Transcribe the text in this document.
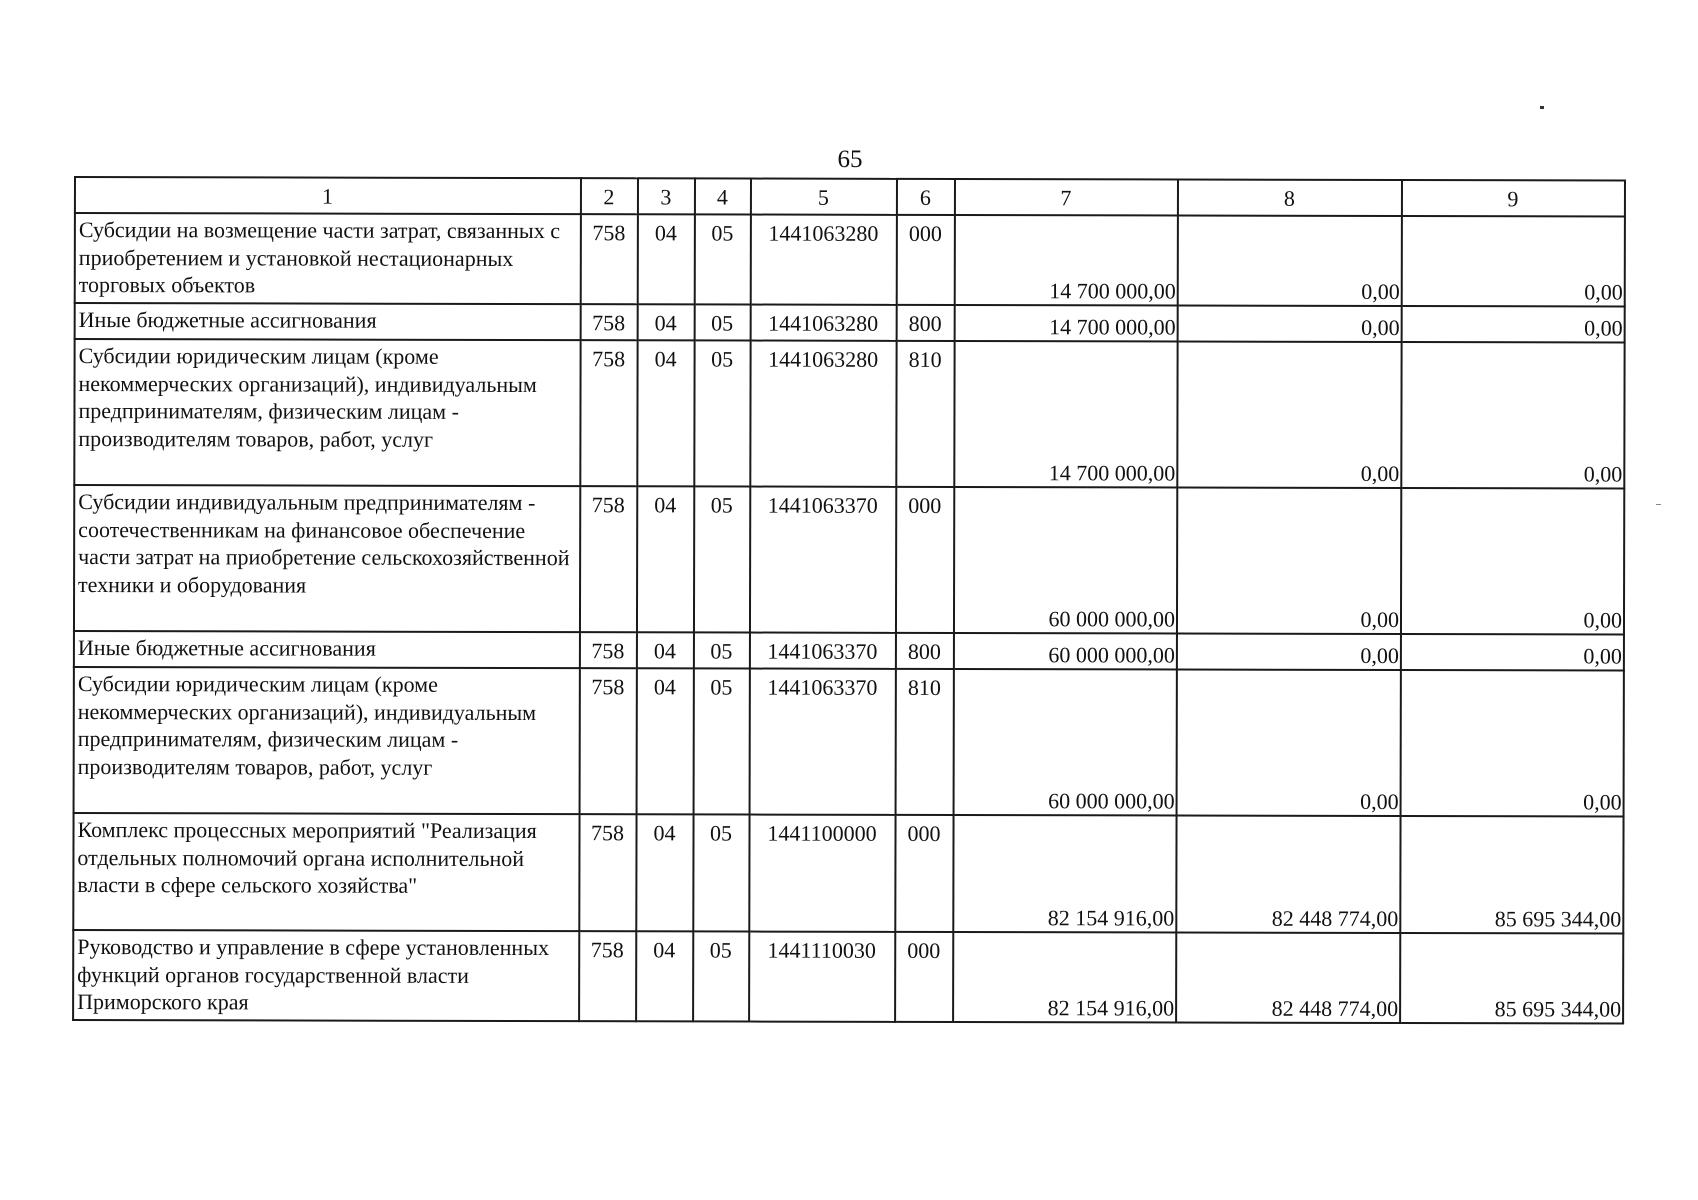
65
1	2	3	4	5	6	7	8	9
Субсидии на возмещение части затрат, связанных с приобретением и установкой нестационарных торговых объектов	758	04	05	1441063280	000	14 700 000,00	0,00	0,00
Иные бюджетные ассигнования	758	04	05	1441063280	800	14 700 000,00	0,00	0,00
Субсидии юридическим лицам (кроме некоммерческих организаций), индивидуальным предпринимателям, физическим лицам - производителям товаров, работ, услуг	758	04	05	1441063280	810	14 700 000,00	0,00	0,00
Субсидии индивидуальным предпринимателям - соотечественникам на финансовое обеспечение части затрат на приобретение сельскохозяйственной техники и оборудования	758	04	05	1441063370	000	60 000 000,00	0,00	0,00
Иные бюджетные ассигнования	758	04	05	1441063370	800	60 000 000,00	0,00	0,00
Субсидии юридическим лицам (кроме некоммерческих организаций), индивидуальным предпринимателям, физическим лицам - производителям товаров, работ, услуг	758	04	05	1441063370	810	60 000 000,00	0,00	0,00
Комплекс процессных мероприятий "Реализация отдельных полномочий органа исполнительной власти в сфере сельского хозяйства"	758	04	05	1441100000	000	82 154 916,00	82 448 774,00	85 695 344,00
Руководство и управление в сфере установленных функций органов государственной власти Приморского края	758	04	05	1441110030	000	82 154 916,00	82 448 774,00	85 695 344,00
